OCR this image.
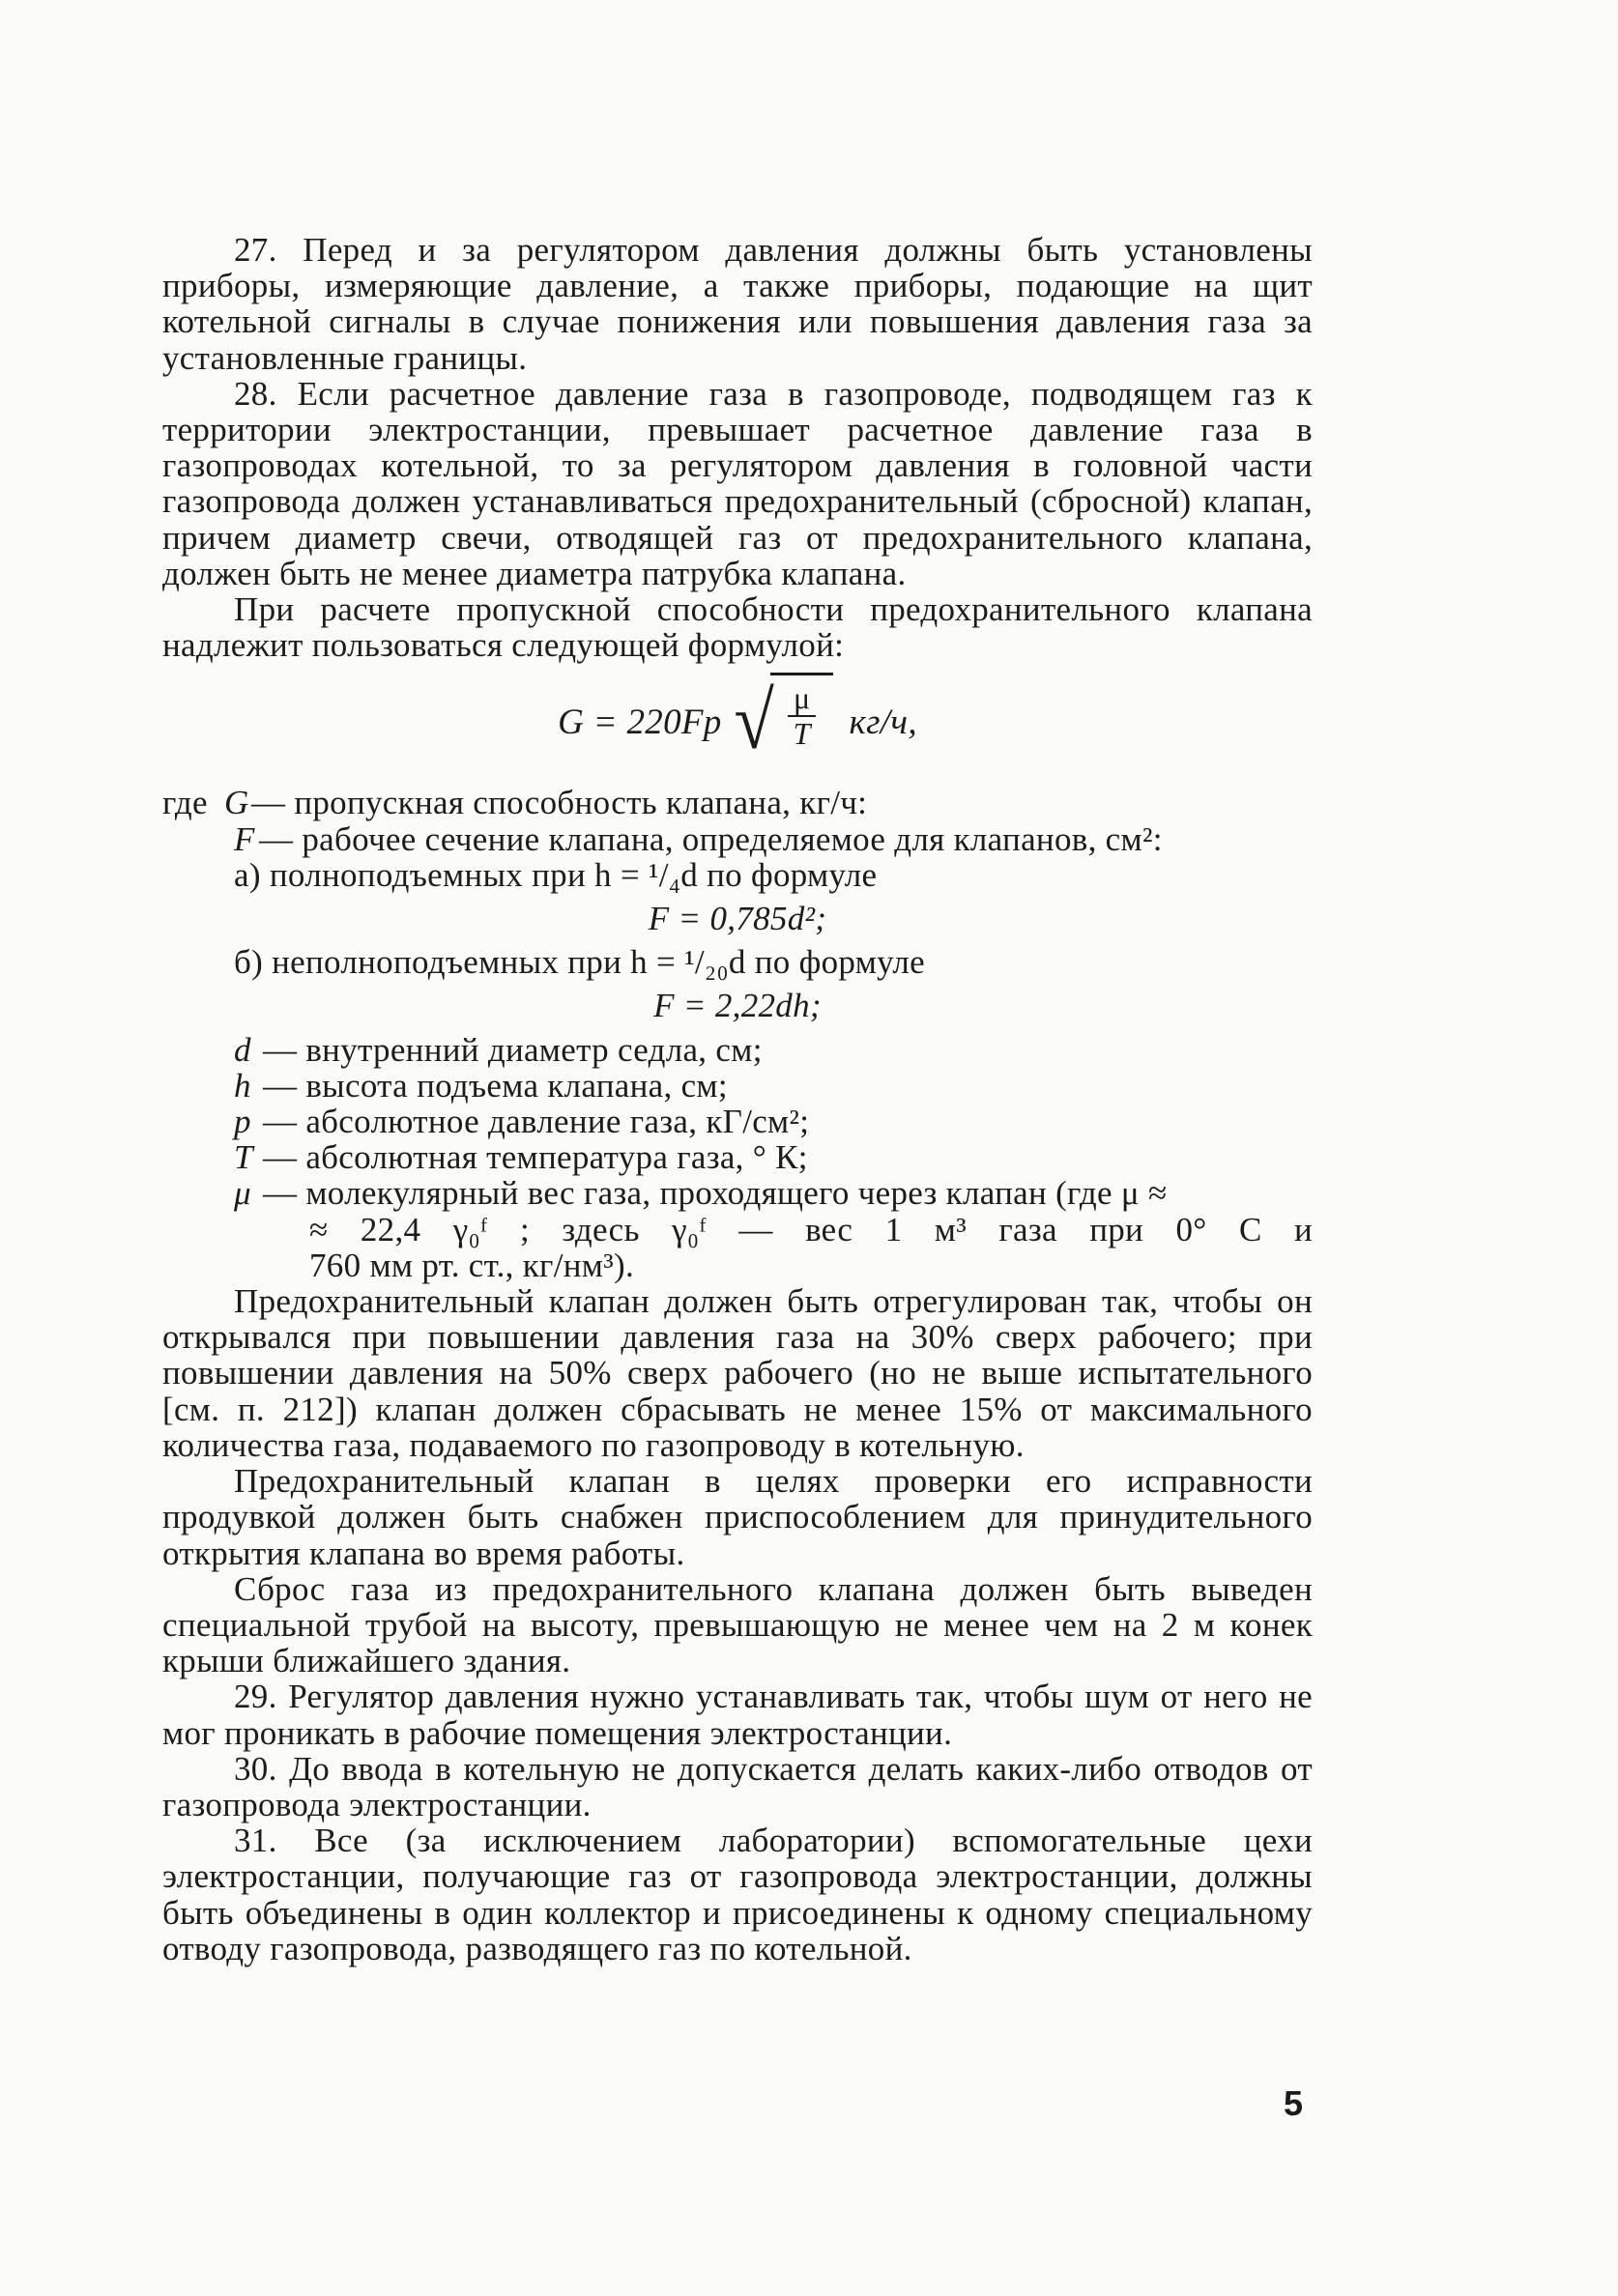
27. Перед и за регулятором давления должны быть установлены приборы, измеряющие давление, а также приборы, подающие на щит котельной сигналы в случае понижения или повышения давления газа за установленные границы.

28. Если расчетное давление газа в газопроводе, подводящем газ к территории электростанции, превышает расчетное давление газа в газопроводах котельной, то за регулятором давления в головной части газопровода должен устанавливаться предохранительный (сбросной) клапан, причем диаметр свечи, отводящей газ от предохранительного клапана, должен быть не менее диаметра патрубка клапана.

При расчете пропускной способности предохранительного клапана надлежит пользоваться следующей формулой:

G = 220Fp √ $\frac{\mu}{T} кг/ч$,
где G — пропускная способность клапана, кг/ч:
F — рабочее сечение клапана, определяемое для клапанов, см²:
а) полноподъемных при h = ¹/₄d по формуле
F = 0,785d²;
б) неполноподъемных при h = ¹/₂₀d по формуле
F = 2,22dh;
d — внутренний диаметр седла, см;
h — высота подъема клапана, см;
p — абсолютное давление газа, кГ/см²;
T — абсолютная температура газа, ° К;
μ — молекулярный вес газа, проходящего через клапан (где μ ≈
≈ 22,4 γ₀ᶠ ; здесь γ₀ᶠ — вес 1 м³ газа при 0° С и
760 мм рт. ст., кг/нм³).

Предохранительный клапан должен быть отрегулирован так, чтобы он открывался при повышении давления газа на 30% сверх рабочего; при повышении давления на 50% сверх рабочего (но не выше испытательного [см. п. 212]) клапан должен сбрасывать не менее 15% от максимального количества газа, подаваемого по газопроводу в котельную.

Предохранительный клапан в целях проверки его исправности продувкой должен быть снабжен приспособлением для принудительного открытия клапана во время работы.

Сброс газа из предохранительного клапана должен быть выведен специальной трубой на высоту, превышающую не менее чем на 2 м конек крыши ближайшего здания.

29. Регулятор давления нужно устанавливать так, чтобы шум от него не мог проникать в рабочие помещения электростанции.

30. До ввода в котельную не допускается делать каких-либо отводов от газопровода электростанции.

31. Все (за исключением лаборатории) вспомогательные цехи электростанции, получающие газ от газопровода электростанции, должны быть объединены в один коллектор и присоединены к одному специальному отводу газопровода, разводящего газ по котельной.

5
